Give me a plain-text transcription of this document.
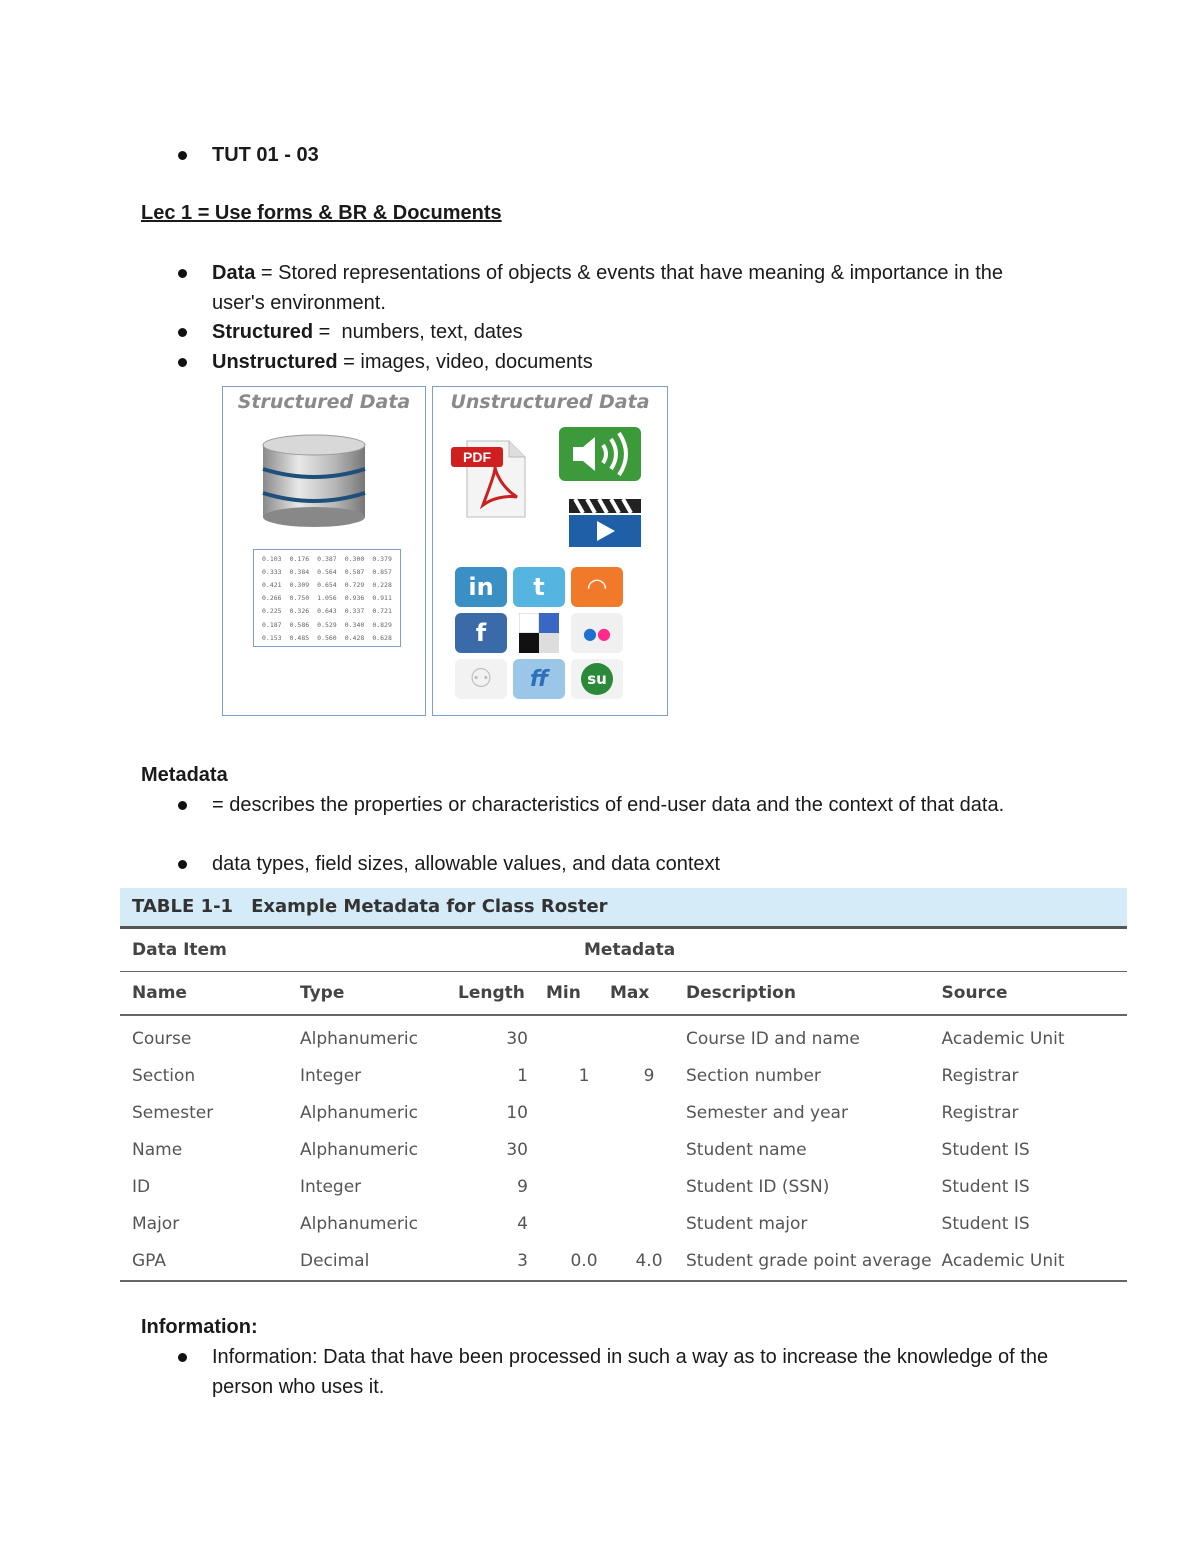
TUT 01 - 03
Lec 1 = Use forms & BR & Documents
Data = Stored representations of objects & events that have meaning & importance in the user's environment.
Structured =  numbers, text, dates
Unstructured = images, video, documents
Structured Data
0.103	0.176	0.387	0.300	0.379
0.333	0.384	0.564	0.587	0.857
0.421	0.309	0.654	0.729	0.228
0.266	0.750	1.056	0.936	0.911
0.225	0.326	0.643	0.337	0.721
0.187	0.586	0.529	0.340	0.829
0.153	0.485	0.560	0.428	0.628
Unstructured Data
PDF
in	t	◠
f	● ●
⚇ ff	su
Metadata
= describes the properties or characteristics of end-user data and the context of that data.
data types, field sizes, allowable values, and data context
TABLE 1-1 Example Metadata for Class Roster
Data Item	Metadata					
Name	Type	Length	Min	Max	Description	Source
Course	Alphanumeric	30			Course ID and name	Academic Unit
Section	Integer	1	1	9	Section number	Registrar
Semester	Alphanumeric	10			Semester and year	Registrar
Name	Alphanumeric	30			Student name	Student IS
ID	Integer	9			Student ID (SSN)	Student IS
Major	Alphanumeric	4			Student major	Student IS
GPA	Decimal	3	0.0	4.0	Student grade point average	Academic Unit
Information:
Information: Data that have been processed in such a way as to increase the knowledge of the person who uses it.
